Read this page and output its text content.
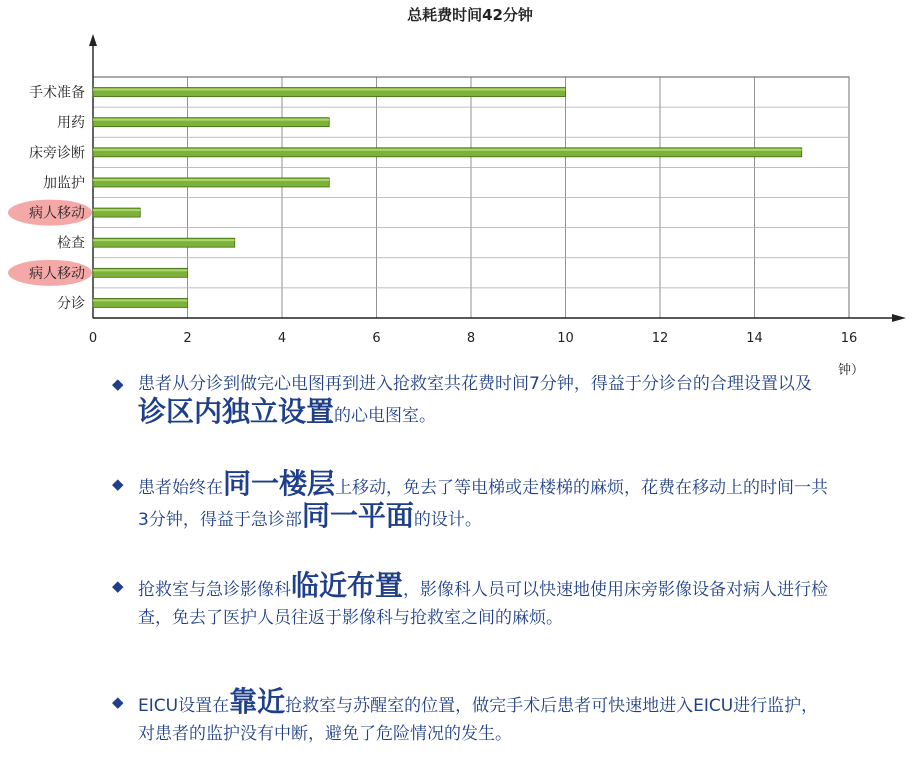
总耗费时间42分钟
0	2	4	6	8	10	12	14	16
钟）
手术准备
用药
床旁诊断
加监护
病人移动
检查
病人移动
分诊
◆ 患者从分诊到做完心电图再到进入抢救室共花费时间7分钟，得益于分诊台的合理设置以及诊区内独立设置的心电图室。
◆ 患者始终在同一楼层上移动，免去了等电梯或走楼梯的麻烦，花费在移动上的时间一共3分钟，得益于急诊部同一平面的设计。
◆ 抢救室与急诊影像科临近布置，影像科人员可以快速地使用床旁影像设备对病人进行检查，免去了医护人员往返于影像科与抢救室之间的麻烦。
◆ EICU设置在靠近抢救室与苏醒室的位置，做完手术后患者可快速地进入EICU进行监护，对患者的监护没有中断，避免了危险情况的发生。
